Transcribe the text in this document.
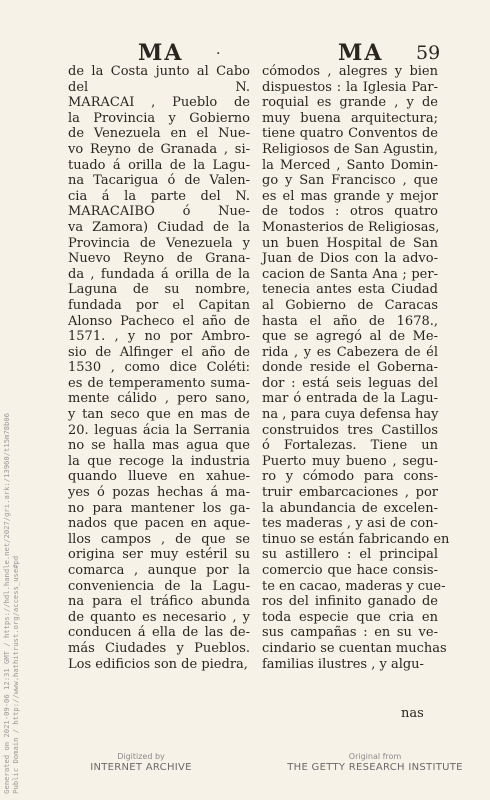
Generated on 2021-09-06 12:31 GMT / https://hdl.handle.net/2027/gri.ark:/13960/t15m78b06 Public Domain / http://www.hathitrust.org/access_use#pd
MA ·	MA 59
de la Costa junto al Cabo
del N.
MARACAI , Pueblo de
la Provincia y Gobierno
de Venezuela en el Nue-
vo Reyno de Granada , si-
tuado á orilla de la Lagu-
na Tacarigua ó de Valen-
cia á la parte del N.
MARACAIBO ó Nue-
va Zamora) Ciudad de la
Provincia de Venezuela y
Nuevo Reyno de Grana-
da , fundada á orilla de la
Laguna de su nombre,
fundada por el Capitan
Alonso Pacheco el año de
1571. , y no por Ambro-
sio de Alfinger el año de
1530 , como dice Coléti:
es de temperamento suma-
mente cálido , pero sano,
y tan seco que en mas de
20. leguas ácia la Serrania
no se halla mas agua que
la que recoge la industria
quando llueve en xahue-
yes ó pozas hechas á ma-
no para mantener los ga-
nados que pacen en aque-
llos campos , de que se
origina ser muy estéril su
comarca , aunque por la
conveniencia de la Lagu-
na para el tráfico abunda
de quanto es necesario , y
conducen á ella de las de-
más Ciudades y Pueblos.
Los edificios son de piedra,
cómodos , alegres y bien
dispuestos : la Iglesia Par-
roquial es grande , y de
muy buena arquitectura;
tiene quatro Conventos de
Religiosos de San Agustin,
la Merced , Santo Domin-
go y San Francisco , que
es el mas grande y mejor
de todos : otros quatro
Monasterios de Religiosas,
un buen Hospital de San
Juan de Dios con la advo-
cacion de Santa Ana ; per-
tenecia antes esta Ciudad
al Gobierno de Caracas
hasta el año de 1678.,
que se agregó al de Me-
rida , y es Cabezera de él
donde reside el Goberna-
dor : está seis leguas del
mar ó entrada de la Lagu-
na , para cuya defensa hay
construidos tres Castillos
ó Fortalezas. Tiene un
Puerto muy bueno , segu-
ro y cómodo para cons-
truir embarcaciones , por
la abundancia de excelen-
tes maderas , y asi de con-
tinuo se están fabricando en
su astillero : el principal
comercio que hace consis-
te en cacao, maderas y cue-
ros del infinito ganado de
toda especie que cria en
sus campañas : en su ve-
cindario se cuentan muchas
familias ilustres , y algu-
nas
Digitized by
INTERNET ARCHIVE
Original from
THE GETTY RESEARCH INSTITUTE
